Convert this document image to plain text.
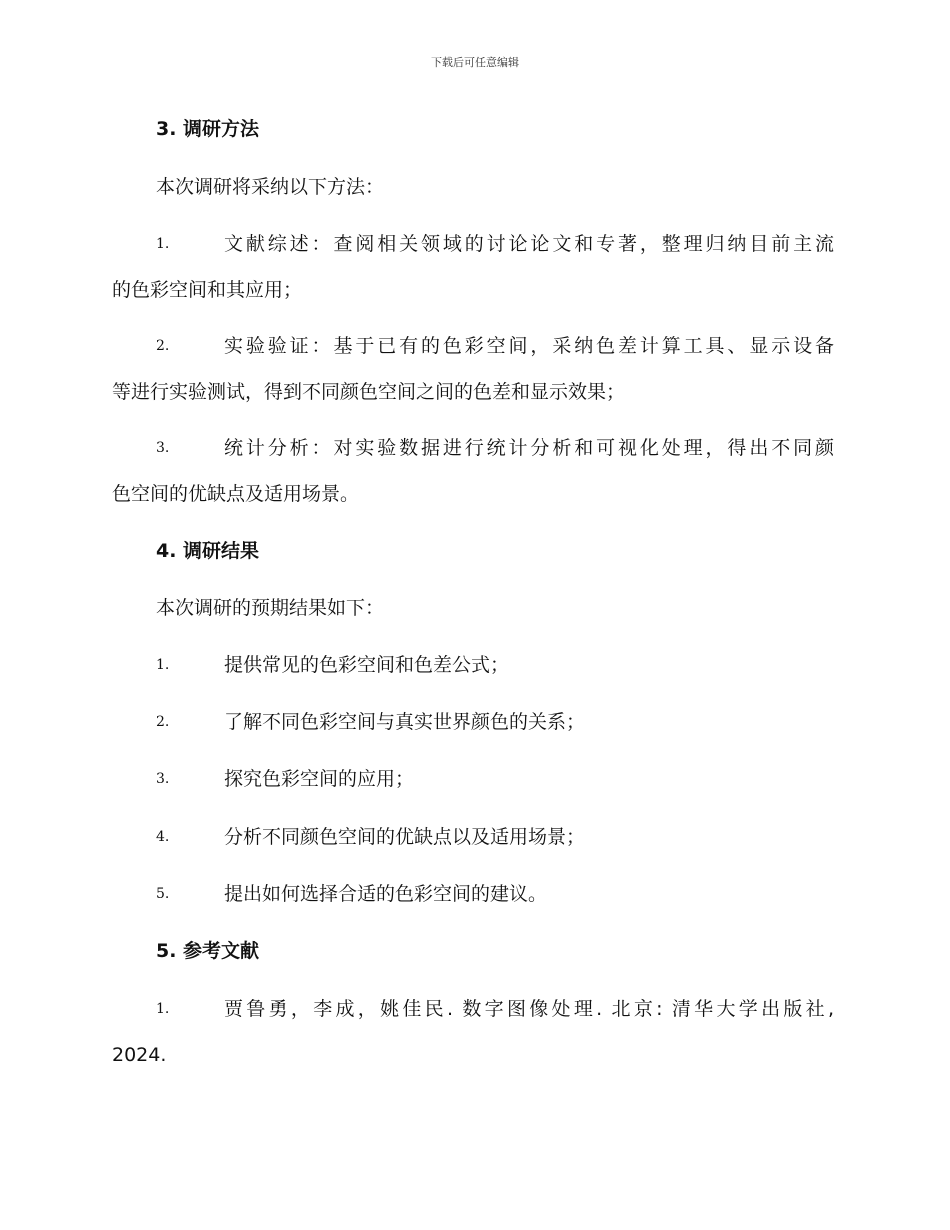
下载后可任意编辑
3. 调研方法
本次调研将采纳以下方法：
1.	文献综述：查阅相关领域的讨论论文和专著，整理归纳目前主流
的色彩空间和其应用；
2.	实验验证：基于已有的色彩空间，采纳色差计算工具、显示设备
等进行实验测试，得到不同颜色空间之间的色差和显示效果；
3.	统计分析：对实验数据进行统计分析和可视化处理，得出不同颜
色空间的优缺点及适用场景。
4. 调研结果
本次调研的预期结果如下：
1.	提供常见的色彩空间和色差公式；
2.	了解不同色彩空间与真实世界颜色的关系；
3.	探究色彩空间的应用；
4.	分析不同颜色空间的优缺点以及适用场景；
5.	提出如何选择合适的色彩空间的建议。
5. 参考文献
1.	贾鲁勇，李成，姚佳民. 数字图像处理. 北京: 清华大学出版社,
2024.
